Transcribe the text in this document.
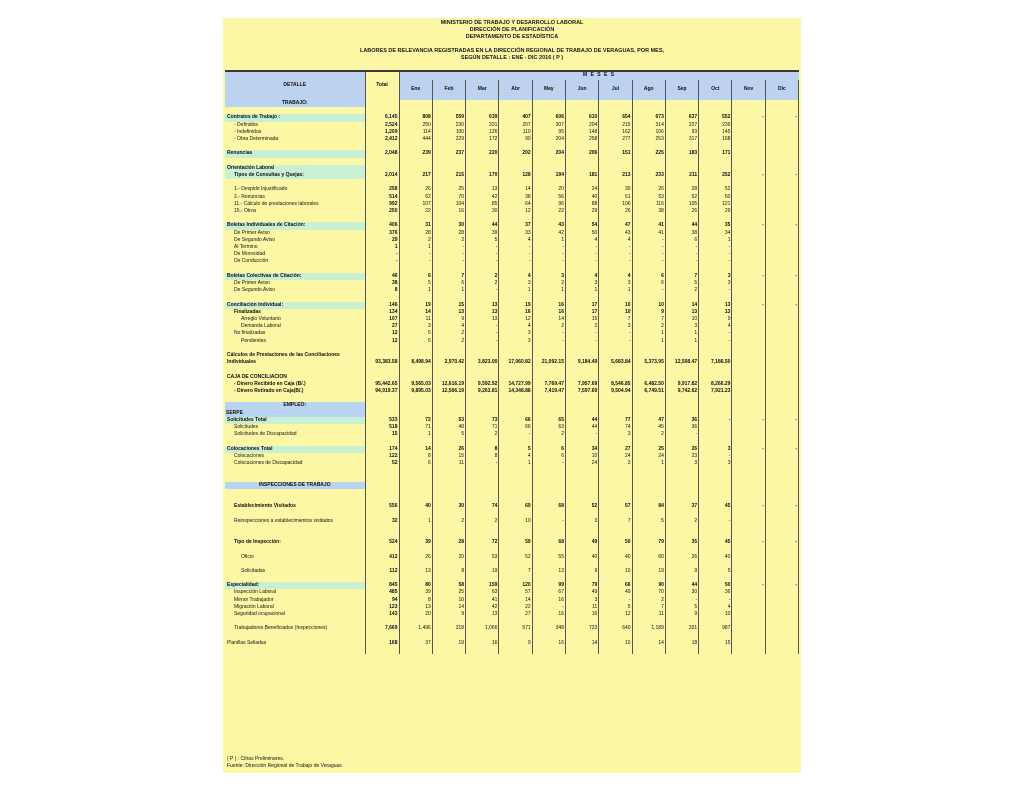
MINISTERIO DE TRABAJO Y DESARROLLO LABORAL
DIRECCIÓN DE PLANIFICACIÓN
DEPARTAMENTO DE ESTADÍSTICA
LABORES DE RELEVANCIA REGISTRADAS EN LA DIRECCIÓN REGIONAL DE TRABAJO DE VERAGUAS, POR MES,
SEGÚN DETALLE : ENE - DIC 2016 ( P )
DETALLE	Total	M E S E S											
		Ene	Feb	Mar	Abr	May	Jun	Jul	Ago	Sep	Oct	Nov	Dic
TRABAJO:													

Contratos de Trabajo :	6,145	808	559	639	407	606	610	654	673	637	552	-	-
- Definidos	2,524	250	230	331	207	307	204	215	314	227	239		
- Indefinidos	1,209	114	100	126	110	95	148	162	106	93	145		
- Obra Determinada	2,412	444	229	172	90	204	258	277	253	317	168		

Renuncias	2,048	239	237	220	202	204	206	151	225	183	171		

Orientación Laboral													
Tipos de Consultas y Quejas:	2,014	217	215	170	128	194	181	213	233	211	252	-	-

1.- Despido Injustificado	258	26	25	13	14	20	24	30	26	28	52		
2.- Renuncias	514	62	70	42	38	56	40	51	53	52	50		
11.- Cálculo de prestaciones laborales	992	107	104	85	64	96	88	106	116	105	121		
15.- Otros	250	22	16	30	12	22	29	26	38	26	29		

Boletas Individuales de Citación:	406	31	30	44	37	43	54	47	41	44	35	-	-
De Primer Aviso	376	28	28	39	33	42	50	43	41	38	34		
De Segundo Aviso	29	2	2	5	4	1	4	4	-	6	1		
Al Termino	1	1	-	-	-	-	-	-	-	-	-		
De Morosidad	-	-	-	-	-	-	-	-	-	-	-		
De Conducción	-	-	-	-	-	-	-	-	-	-	-		

Boletas Colectivas de Citación:	46	6	7	2	4	3	4	4	6	7	3	-	-
De Primer Aviso	38	5	6	2	3	2	3	3	6	5	3		
De Segundo Aviso	8	1	1	-	1	1	1	1	-	2	-		

Conciliación Individual:	146	19	15	13	19	16	17	10	10	14	13	-	-
Finalizadas	134	14	13	13	16	16	17	10	9	13	13		
Arreglo Voluntario	107	11	9	13	12	14	15	7	7	10	9		
Demanda Laboral	27	3	4	-	4	2	2	3	2	3	4		
No finalizadas	12	5	2	-	3	-	-	-	1	1	-		
Pendientes	12	5	2	-	3	-	-	-	1	1	-		

Cálculos de Prestaciones de las Conciliaciones													
Individuales	93,383.58	8,498.94	2,970.42	3,823.00	17,060.82	21,092.15	9,184.49	5,683.84	5,373.95	12,508.47	7,186.50		

CAJA DE CONCILIACIÓN													
- Dinero Recibido en Caja (B/.)	95,442.65	9,565.03	12,616.19	9,592.92	14,727.99	7,769.47	7,957.69	8,546.85	6,482.50	9,917.82	8,266.29		
- Dinero Retirado en Caja(B/.)	94,919.37	9,895.03	12,566.19	9,263.81	14,348.88	7,419.47	7,597.69	9,504.94	6,749.51	9,742.62	7,921.23		

EMPLEO:													
SERPE													
Solicitudes Total	533	72	53	73	66	65	44	77	47	36	-	-	-
Solicitudes	518	71	48	71	66	63	44	74	45	36			
Solicitudes de Discapacidad	15	1	5	2	-	2	-	3	2	-			

Colocaciones Total	174	14	26	8	5	6	34	27	25	26	3	-	-
Colocaciones	122	8	15	8	4	6	10	24	24	23	-		
Colocaciones de Discapacidad	52	6	11	-	1	-	24	3	1	3	3		

INSPECCIONES DE TRABAJO													

Establecimiento Visitados	556	40	30	74	69	68	52	57	84	37	45	-	-

Reinspecciones a establecimientos visitados	32	1	2	2	10	-	3	7	5	2	-		

Tipo de Inspección:	524	39	28	72	59	68	49	50	79	35	45	-	-

Oficio	412	26	20	53	52	55	40	40	60	26	40		

Solicitadas	112	13	8	19	7	13	9	10	19	9	5		

Especialidad:	845	80	58	159	120	99	79	66	90	44	50	-	-
Inspección Laboral	485	39	25	63	57	67	49	49	70	30	36		
Menor Trabajador	94	8	10	41	14	16	3	-	2	-	-		
Migración Laboral	123	13	14	42	22	-	11	5	7	5	4		
Seguridad ocupacional	143	20	9	13	27	16	16	12	11	9	10		

Trabajadores Beneficiados (Inspecciones)	7,669	1,496	318	1,066	571	348	723	640	1,189	331	987		

Planillas Selladas	168	37	19	16	9	16	14	10	14	18	15		

( P ) : Cifras Preliminares.
Fuente: Dirección Regional de Trabajo de Veraguas
